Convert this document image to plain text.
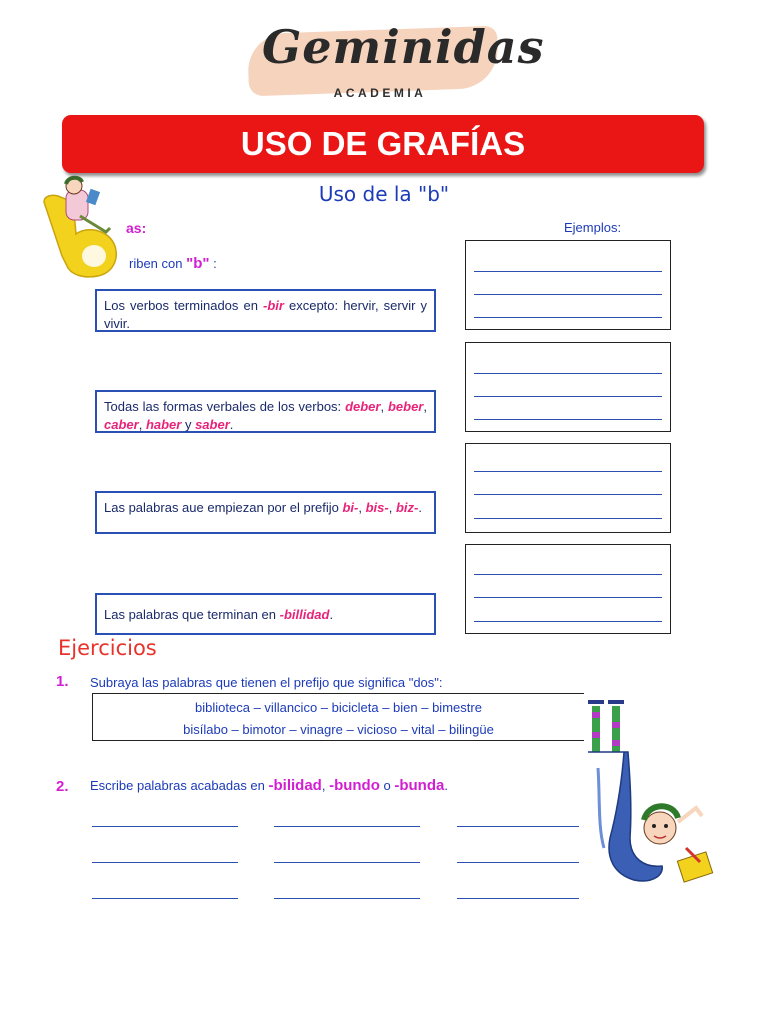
Geminidas
ACADEMIA
USO DE GRAFÍAS
Uso de la "b"
as:
riben con "b" :
Ejemplos:
Los verbos terminados en -bir excepto: hervir, servir y vivir.
Todas las formas verbales de los verbos: deber, beber, caber, haber y saber.
Las palabras aue empiezan por el prefijo bi-, bis-, biz-.
Las palabras que terminan en -billidad.
Ejercicios
1. Subraya las palabras que tienen el prefijo que significa "dos":
biblioteca – villancico – bicicleta – bien – bimestre
bisílabo – bimotor – vinagre – vicioso – vital – bilingüe
2. Escribe palabras acabadas en -bilidad, -bundo o -bunda.
